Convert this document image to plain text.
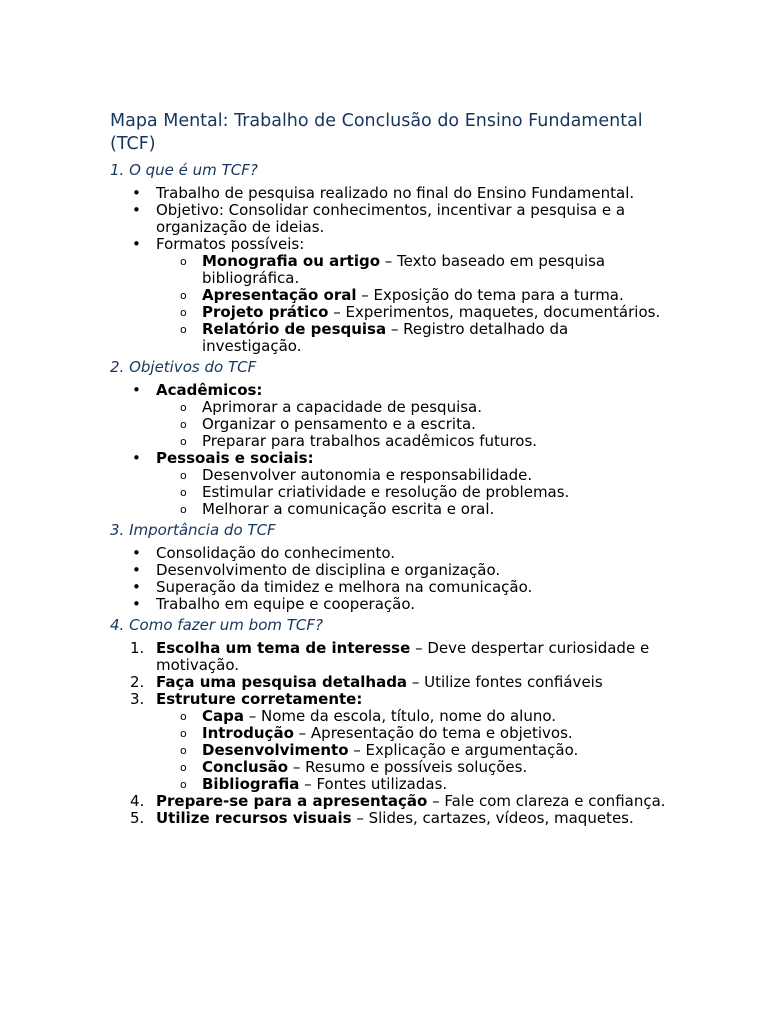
Mapa Mental: Trabalho de Conclusão do Ensino Fundamental (TCF)
1. O que é um TCF?
• Trabalho de pesquisa realizado no final do Ensino Fundamental.
• Objetivo: Consolidar conhecimentos, incentivar a pesquisa e a organização de ideias.
• Formatos possíveis:
o Monografia ou artigo – Texto baseado em pesquisa bibliográfica.
o Apresentação oral – Exposição do tema para a turma.
o Projeto prático – Experimentos, maquetes, documentários.
o Relatório de pesquisa – Registro detalhado da investigação.
2. Objetivos do TCF
• Acadêmicos:
o Aprimorar a capacidade de pesquisa.
o Organizar o pensamento e a escrita.
o Preparar para trabalhos acadêmicos futuros.
• Pessoais e sociais:
o Desenvolver autonomia e responsabilidade.
o Estimular criatividade e resolução de problemas.
o Melhorar a comunicação escrita e oral.
3. Importância do TCF
• Consolidação do conhecimento.
• Desenvolvimento de disciplina e organização.
• Superação da timidez e melhora na comunicação.
• Trabalho em equipe e cooperação.
4. Como fazer um bom TCF?
1. Escolha um tema de interesse – Deve despertar curiosidade e motivação.
2. Faça uma pesquisa detalhada – Utilize fontes confiáveis
3. Estruture corretamente:
o Capa – Nome da escola, título, nome do aluno.
o Introdução – Apresentação do tema e objetivos.
o Desenvolvimento – Explicação e argumentação.
o Conclusão – Resumo e possíveis soluções.
o Bibliografia – Fontes utilizadas.
4. Prepare-se para a apresentação – Fale com clareza e confiança.
5. Utilize recursos visuais – Slides, cartazes, vídeos, maquetes.
